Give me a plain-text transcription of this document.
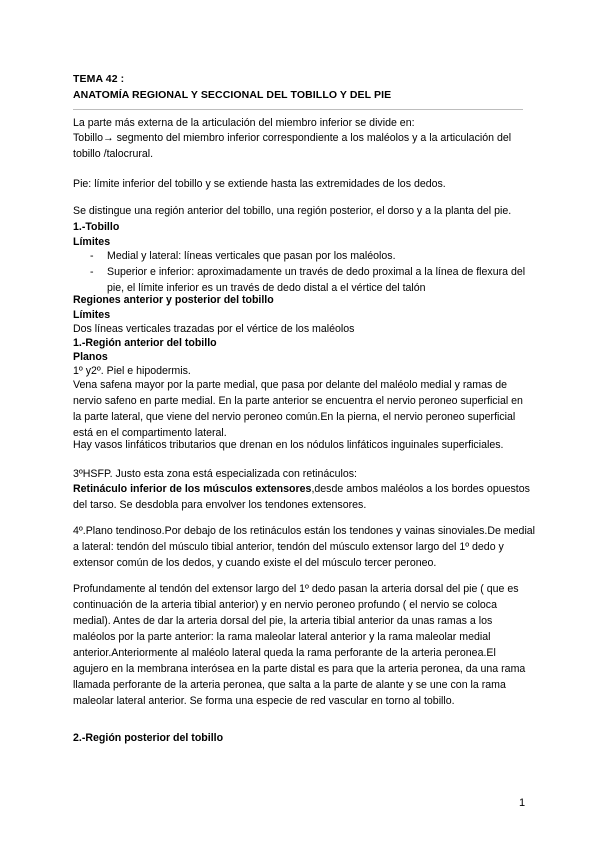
TEMA 42 :
ANATOMÍA REGIONAL Y SECCIONAL DEL TOBILLO Y DEL PIE

La parte más externa de la articulación del miembro inferior se divide en:

Tobillo→ segmento del miembro inferior correspondiente a los maléolos y a la articulación del tobillo /talocrural.

Pie: límite inferior del tobillo y se extiende hasta las extremidades de los dedos.

Se distingue una región anterior del tobillo, una región posterior, el dorso y a la planta del pie.

1.-Tobillo
Límites
- Medial y lateral: líneas verticales que pasan por los maléolos.
- Superior e inferior: aproximadamente un través de dedo proximal a la línea de flexura del pie, el límite inferior es un través de dedo distal a el vértice del talón
Regiones anterior y posterior del tobillo
Límites

Dos líneas verticales trazadas por el vértice de los maléolos

1.-Región anterior del tobillo
Planos

1º y2º. Piel e hipodermis.

Vena safena mayor por la parte medial, que pasa por delante del maléolo medial y ramas de nervio safeno en parte medial. En la parte anterior se encuentra el nervio peroneo superficial en la parte lateral, que viene del nervio peroneo común.En la pierna, el nervio peroneo superficial está en el compartimento lateral.

Hay vasos linfáticos tributarios que drenan en los nódulos linfáticos inguinales superficiales.

3ºHSFP. Justo esta zona está especializada con retináculos:

Retináculo inferior de los músculos extensores,desde ambos maléolos a los bordes opuestos del tarso. Se desdobla para envolver los tendones extensores.

4º.Plano tendinoso.Por debajo de los retináculos están los tendones y vainas sinoviales.De medial a lateral: tendón del músculo tibial anterior, tendón del músculo extensor largo del 1º dedo y extensor común de los dedos, y cuando existe el del músculo tercer peroneo.

Profundamente al tendón del extensor largo del 1º dedo pasan la arteria dorsal del pie ( que es continuación de la arteria tibial anterior) y en nervio peroneo profundo ( el nervio se coloca medial). Antes de dar la arteria dorsal del pie, la arteria tibial anterior da unas ramas a los maléolos por la parte anterior: la rama maleolar lateral anterior y la rama maleolar medial anterior.Anteriormente al maléolo lateral queda la rama perforante de la arteria peronea.El agujero en la membrana interósea en la parte distal es para que la arteria peronea, da una rama llamada perforante de la arteria peronea, que salta a la parte de alante y se une con la rama maleolar lateral anterior. Se forma una especie de red vascular en torno al tobillo.

2.-Región posterior del tobillo
1
